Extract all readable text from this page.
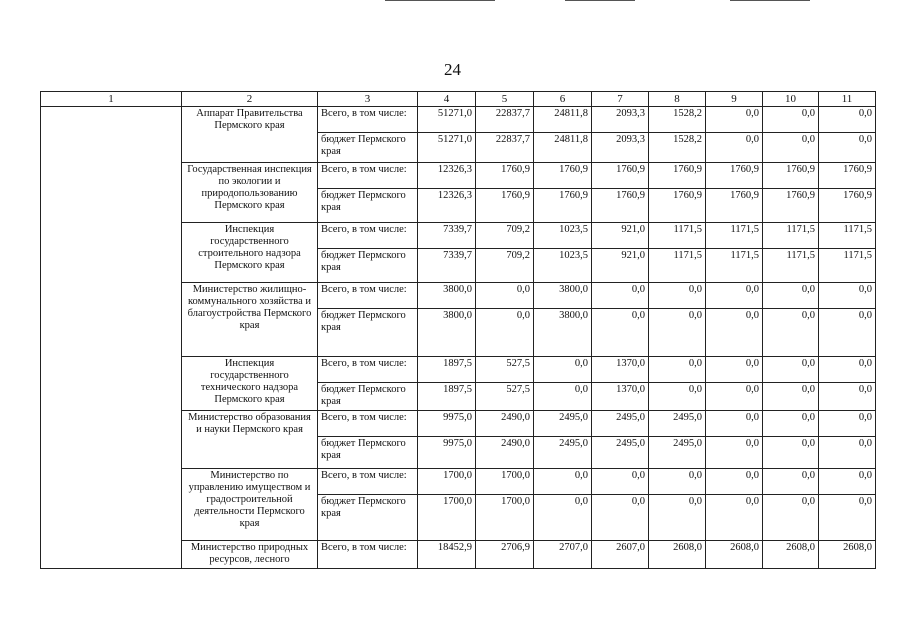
24
1	2	3	4	5	6	7	8	9	10	11
	Аппарат Правительства Пермского края	Всего, в том числе:	51271,0	22837,7	24811,8	2093,3	1528,2	0,0	0,0	0,0
		бюджет Пермского края	51271,0	22837,7	24811,8	2093,3	1528,2	0,0	0,0	0,0
	Государственная инспекция по экологии и природопользованию Пермского края	Всего, в том числе:	12326,3	1760,9	1760,9	1760,9	1760,9	1760,9	1760,9	1760,9
		бюджет Пермского края	12326,3	1760,9	1760,9	1760,9	1760,9	1760,9	1760,9	1760,9
	Инспекция государственного строительного надзора Пермского края	Всего, в том числе:	7339,7	709,2	1023,5	921,0	1171,5	1171,5	1171,5	1171,5
		бюджет Пермского края	7339,7	709,2	1023,5	921,0	1171,5	1171,5	1171,5	1171,5
	Министерство жилищно-коммунального хозяйства и благоустройства Пермского края	Всего, в том числе:	3800,0	0,0	3800,0	0,0	0,0	0,0	0,0	0,0
		бюджет Пермского края	3800,0	0,0	3800,0	0,0	0,0	0,0	0,0	0,0
	Инспекция государственного технического надзора Пермского края	Всего, в том числе:	1897,5	527,5	0,0	1370,0	0,0	0,0	0,0	0,0
		бюджет Пермского края	1897,5	527,5	0,0	1370,0	0,0	0,0	0,0	0,0
	Министерство образования и науки Пермского края	Всего, в том числе:	9975,0	2490,0	2495,0	2495,0	2495,0	0,0	0,0	0,0
		бюджет Пермского края	9975,0	2490,0	2495,0	2495,0	2495,0	0,0	0,0	0,0
	Министерство по управлению имуществом и градостроительной деятельности Пермского края	Всего, в том числе:	1700,0	1700,0	0,0	0,0	0,0	0,0	0,0	0,0
		бюджет Пермского края	1700,0	1700,0	0,0	0,0	0,0	0,0	0,0	0,0
	Министерство природных ресурсов, лесного	Всего, в том числе:	18452,9	2706,9	2707,0	2607,0	2608,0	2608,0	2608,0	2608,0
